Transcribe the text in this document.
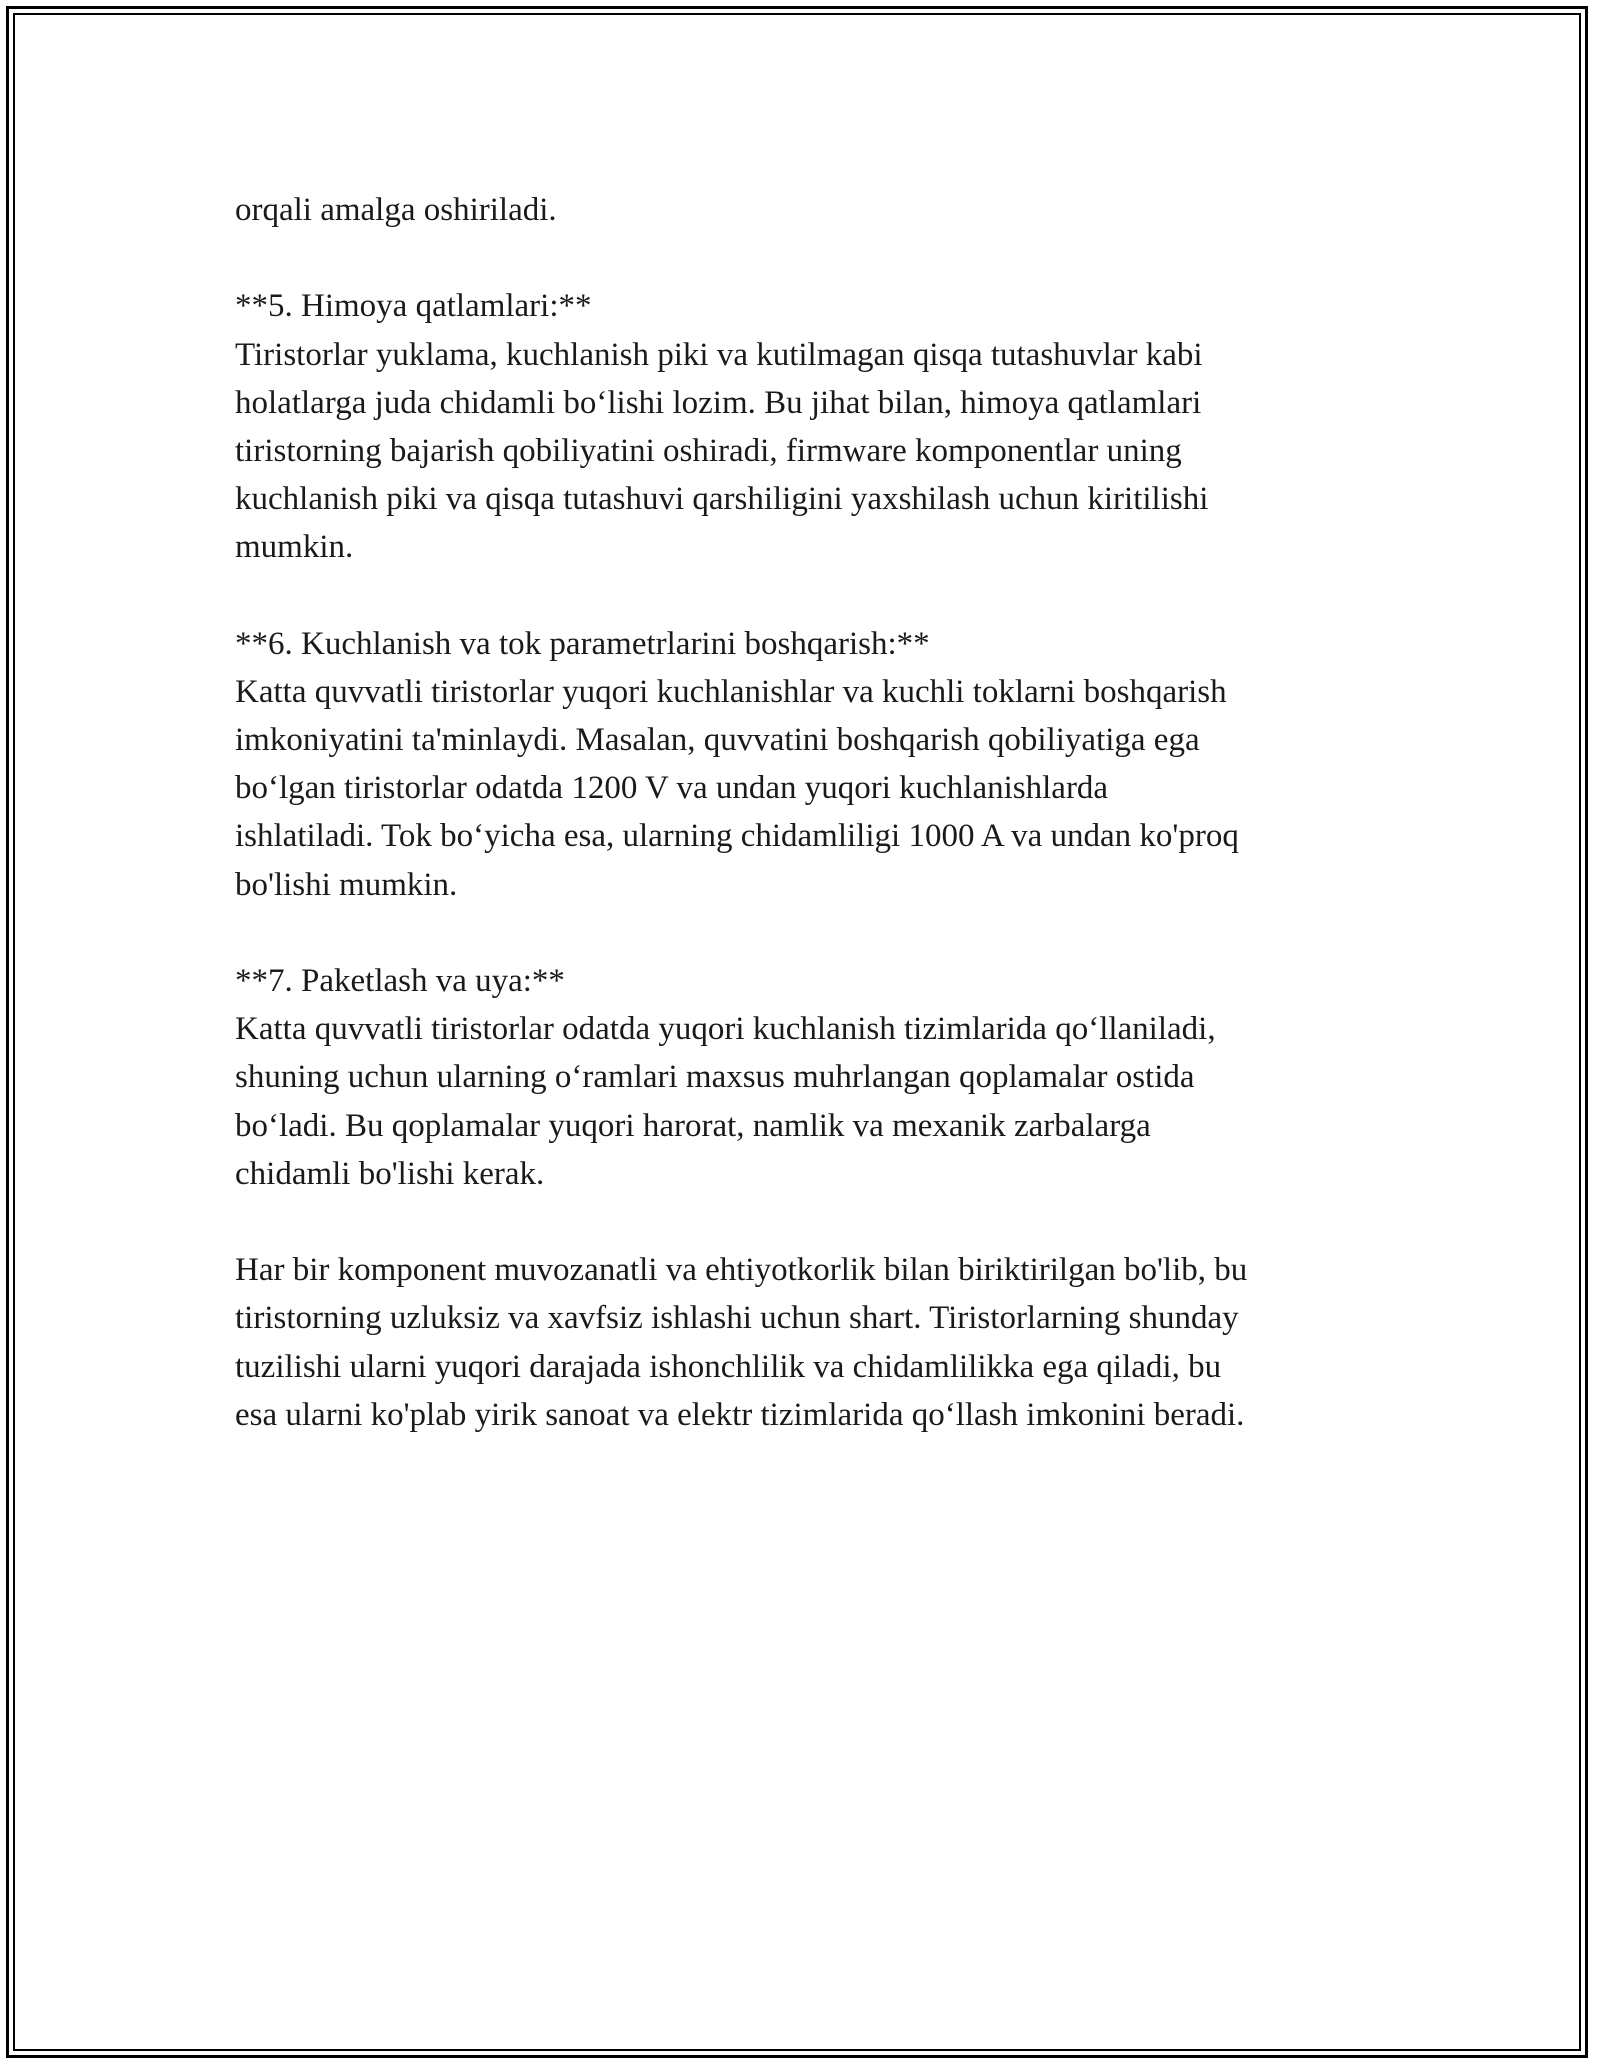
orqali amalga oshiriladi.
**5. Himoya qatlamlari:**
Tiristorlar yuklama, kuchlanish piki va kutilmagan qisqa tutashuvlar kabi
holatlarga juda chidamli bo‘lishi lozim. Bu jihat bilan, himoya qatlamlari
tiristorning bajarish qobiliyatini oshiradi, firmware komponentlar uning
kuchlanish piki va qisqa tutashuvi qarshiligini yaxshilash uchun kiritilishi
mumkin.
**6. Kuchlanish va tok parametrlarini boshqarish:**
Katta quvvatli tiristorlar yuqori kuchlanishlar va kuchli toklarni boshqarish
imkoniyatini ta'minlaydi. Masalan, quvvatini boshqarish qobiliyatiga ega
bo‘lgan tiristorlar odatda 1200 V va undan yuqori kuchlanishlarda
ishlatiladi. Tok bo‘yicha esa, ularning chidamliligi 1000 A va undan ko'proq
bo'lishi mumkin.
**7. Paketlash va uya:**
Katta quvvatli tiristorlar odatda yuqori kuchlanish tizimlarida qo‘llaniladi,
shuning uchun ularning o‘ramlari maxsus muhrlangan qoplamalar ostida
bo‘ladi. Bu qoplamalar yuqori harorat, namlik va mexanik zarbalarga
chidamli bo'lishi kerak.
Har bir komponent muvozanatli va ehtiyotkorlik bilan biriktirilgan bo'lib, bu
tiristorning uzluksiz va xavfsiz ishlashi uchun shart. Tiristorlarning shunday
tuzilishi ularni yuqori darajada ishonchlilik va chidamlilikka ega qiladi, bu
esa ularni ko'plab yirik sanoat va elektr tizimlarida qo‘llash imkonini beradi.
